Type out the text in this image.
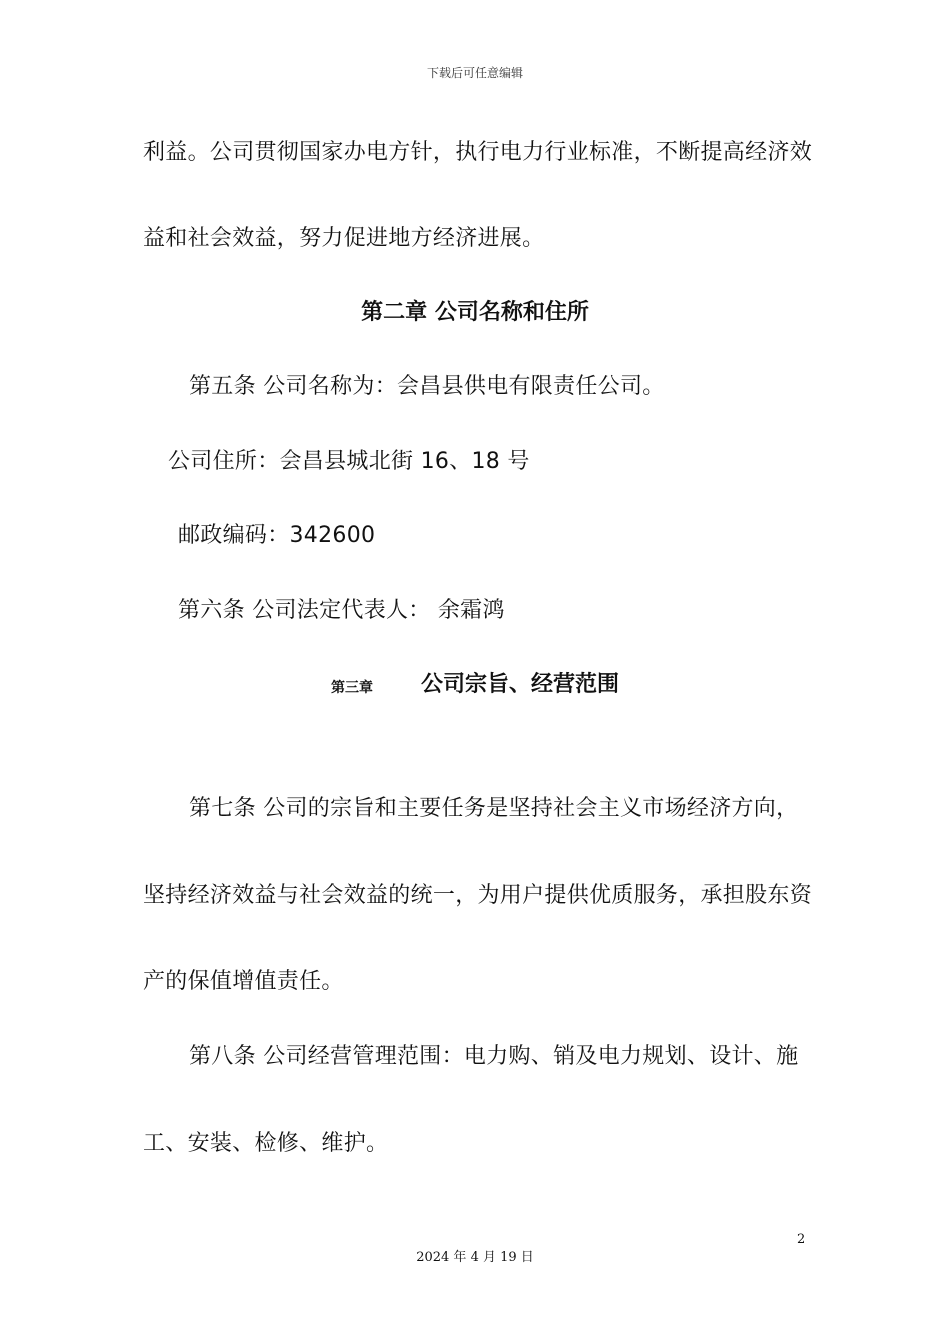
下载后可任意编辑
利益。公司贯彻国家办电方针，执行电力行业标准，不断提高经济效
益和社会效益，努力促进地方经济进展。
第二章 公司名称和住所
第五条 公司名称为：会昌县供电有限责任公司。
公司住所：会昌县城北街 16、18 号
邮政编码：342600
第六条 公司法定代表人： 余霜鸿
第三章 公司宗旨、经营范围
第七条 公司的宗旨和主要任务是坚持社会主义市场经济方向，
坚持经济效益与社会效益的统一，为用户提供优质服务，承担股东资
产的保值增值责任。
第八条 公司经营管理范围：电力购、销及电力规划、设计、施
工、安装、检修、维护。
2
2024 年 4 月 19 日
